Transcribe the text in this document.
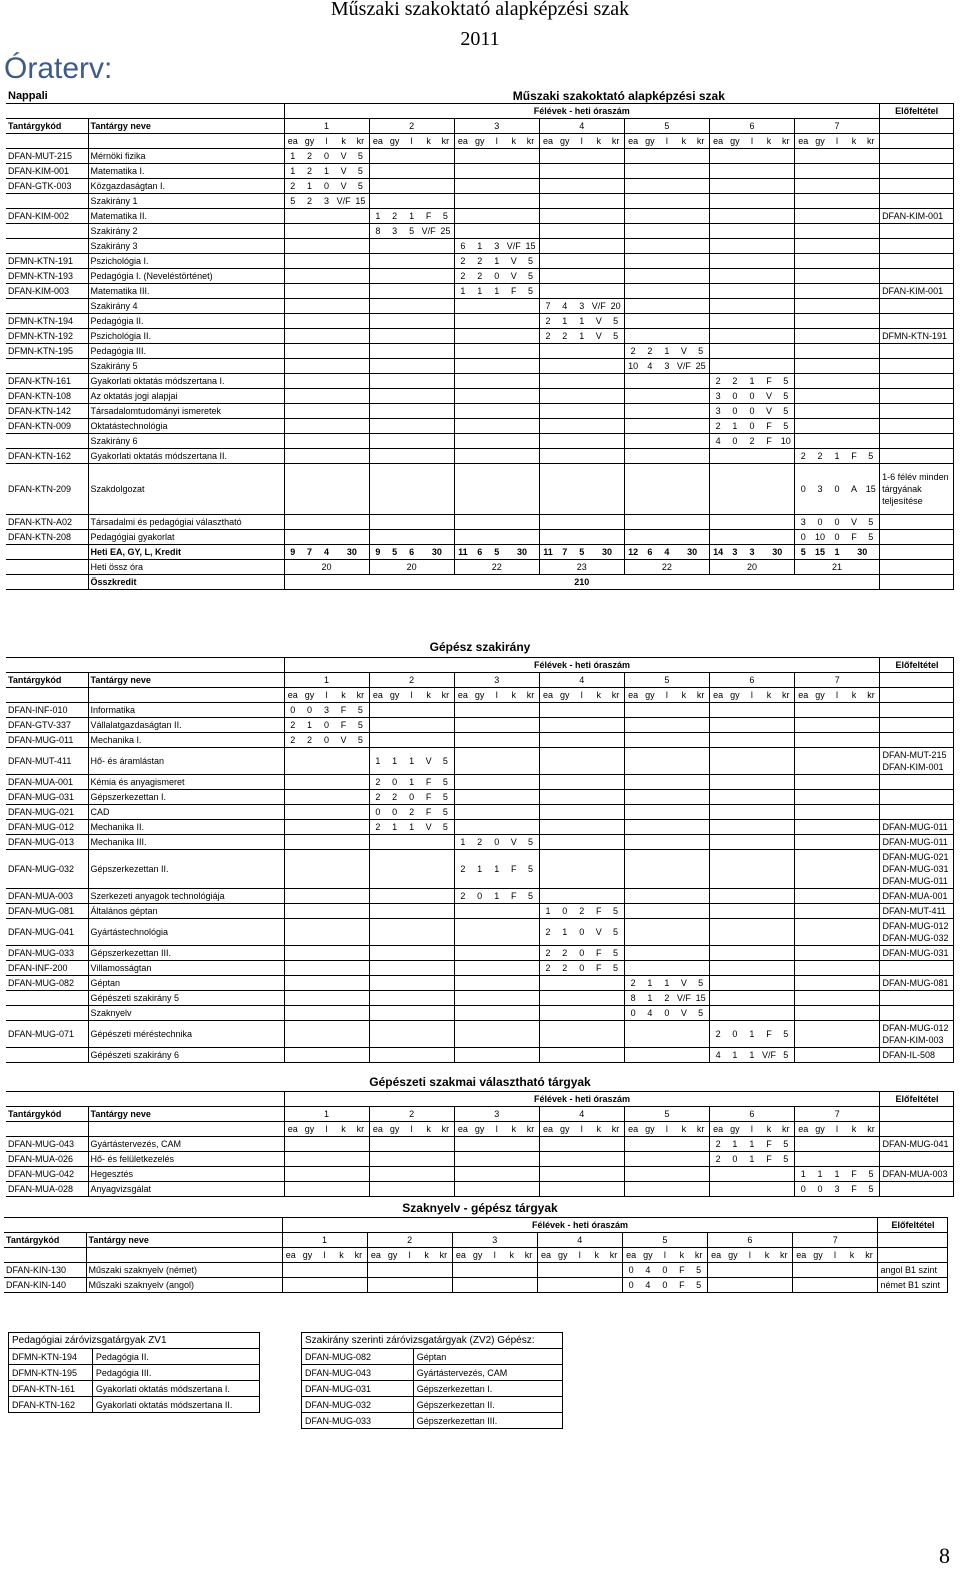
Műszaki szakoktató alapképzési szak
2011
Óraterv:
Nappali		Műszaki szakoktató alapképzési szak																																			
		Félévek - heti óraszám																																			Előfeltétel
Tantárgykód	Tantárgy neve	1					2					3					4					5					6					7					
		ea	gy	l	k	kr	ea	gy	l	k	kr	ea	gy	l	k	kr	ea	gy	l	k	kr	ea	gy	l	k	kr	ea	gy	l	k	kr	ea	gy	l	k	kr	
DFAN-MUT-215	Mérnöki fizika	1	2	0	V	5																															
DFAN-KIM-001	Matematika I.	1	2	1	V	5																															
DFAN-GTK-003	Közgazdaságtan I.	2	1	0	V	5																															
	Szakirány 1	5	2	3	V/F	15																															
DFAN-KIM-002	Matematika II.						1	2	1	F	5																										DFAN-KIM-001
	Szakirány 2						8	3	5	V/F	25																										
	Szakirány 3											6	1	3	V/F	15																					
DFMN-KTN-191	Pszichológia I.											2	2	1	V	5																					
DFMN-KTN-193	Pedagógia I. (Neveléstörténet)											2	2	0	V	5																					
DFAN-KIM-003	Matematika III.											1	1	1	F	5																					DFAN-KIM-001
	Szakirány 4																7	4	3	V/F	20																
DFMN-KTN-194	Pedagógia II.																2	1	1	V	5																
DFMN-KTN-192	Pszichológia II.																2	2	1	V	5																DFMN-KTN-191
DFMN-KTN-195	Pedagógia III.																					2	2	1	V	5											
	Szakirány 5																					10	4	3	V/F	25											
DFAN-KTN-161	Gyakorlati oktatás módszertana I.																										2	2	1	F	5						
DFAN-KTN-108	Az oktatás jogi alapjai																										3	0	0	V	5						
DFAN-KTN-142	Társadalomtudományi ismeretek																										3	0	0	V	5						
DFAN-KTN-009	Oktatástechnológia																										2	1	0	F	5						
	Szakirány 6																										4	0	2	F	10						
DFAN-KTN-162	Gyakorlati oktatás módszertana II.																															2	2	1	F	5	
DFAN-KTN-209	Szakdolgozat																															0	3	0	A	15	1-6 félév minden tárgyának teljesítése
DFAN-KTN-A02	Társadalmi és pedagógiai választható																															3	0	0	V	5	
DFAN-KTN-208	Pedagógiai gyakorlat																															0	10	0	F	5	
	Heti EA, GY, L, Kredit	9	7	4	30		9	5	6	30		11	6	5	30		11	7	5	30		12	6	4	30		14	3	3	30		5	15	1	30		
	Heti össz óra	20					20					22					23					22					20					21					
	Összkredit	210																																			
Gépész szakirány
		Félévek - heti óraszám																																			Előfeltétel
Tantárgykód	Tantárgy neve	1					2					3					4					5					6					7					
		ea	gy	l	k	kr	ea	gy	l	k	kr	ea	gy	l	k	kr	ea	gy	l	k	kr	ea	gy	l	k	kr	ea	gy	l	k	kr	ea	gy	l	k	kr	
DFAN-INF-010	Informatika	0	0	3	F	5																															
DFAN-GTV-337	Vállalatgazdaságtan II.	2	1	0	F	5																															
DFAN-MUG-011	Mechanika I.	2	2	0	V	5																															
DFAN-MUT-411	Hő- és áramlástan						1	1	1	V	5																										DFAN-MUT-215
DFAN-KIM-001

DFAN-MUA-001	Kémia és anyagismeret						2	0	1	F	5																										
DFAN-MUG-031	Gépszerkezettan I.						2	2	0	F	5																										
DFAN-MUG-021	CAD						0	0	2	F	5																										
DFAN-MUG-012	Mechanika II.						2	1	1	V	5																										DFAN-MUG-011

DFAN-MUG-013	Mechanika III.											1	2	0	V	5																					DFAN-MUG-011

DFAN-MUG-032	Gépszerkezettan II.											2	1	1	F	5																					DFAN-MUG-021
DFAN-MUG-031
DFAN-MUG-011

DFAN-MUA-003	Szerkezeti anyagok technológiája											2	0	1	F	5																					DFAN-MUA-001

DFAN-MUG-081	Általános géptan																1	0	2	F	5																DFAN-MUT-411

DFAN-MUG-041	Gyártástechnológia																2	1	0	V	5																DFAN-MUG-012
DFAN-MUG-032

DFAN-MUG-033	Gépszerkezettan III.																2	2	0	F	5																DFAN-MUG-031

DFAN-INF-200	Villamosságtan																2	2	0	F	5																
DFAN-MUG-082	Géptan																					2	1	1	V	5											DFAN-MUG-081

	Gépészeti szakirány 5																					8	1	2	V/F	15											
	Szaknyelv																					0	4	0	V	5											
DFAN-MUG-071	Gépészeti méréstechnika																										2	0	1	F	5						DFAN-MUG-012
DFAN-KIM-003

	Gépészeti szakirány 6																										4	1	1	V/F	5						DFAN-IL-508
Gépészeti szakmai választható tárgyak
		Félévek - heti óraszám																																			Előfeltétel
Tantárgykód	Tantárgy neve	1					2					3					4					5					6					7					
		ea	gy	l	k	kr	ea	gy	l	k	kr	ea	gy	l	k	kr	ea	gy	l	k	kr	ea	gy	l	k	kr	ea	gy	l	k	kr	ea	gy	l	k	kr	
DFAN-MUG-043	Gyártástervezés, CAM																										2	1	1	F	5						DFAN-MUG-041
DFAN-MUA-026	Hő- és felületkezelés																										2	0	1	F	5						
DFAN-MUG-042	Hegesztés																															1	1	1	F	5	DFAN-MUA-003
DFAN-MUA-028	Anyagvizsgálat																															0	0	3	F	5	
Szaknyelv - gépész tárgyak
		Félévek - heti óraszám																																			Előfeltétel
Tantárgykód	Tantárgy neve	1					2					3					4					5					6					7					
		ea	gy	l	k	kr	ea	gy	l	k	kr	ea	gy	l	k	kr	ea	gy	l	k	kr	ea	gy	l	k	kr	ea	gy	l	k	kr	ea	gy	l	k	kr	
DFAN-KIN-130	Műszaki szaknyelv (német)																					0	4	0	F	5											angol B1 szint
DFAN-KIN-140	Műszaki szaknyelv (angol)																					0	4	0	F	5											német B1 szint
Pedagógiai záróvizsgatárgyak ZV1	
DFMN-KTN-194	Pedagógia II.
DFMN-KTN-195	Pedagógia III.
DFAN-KTN-161	Gyakorlati oktatás módszertana I.
DFAN-KTN-162	Gyakorlati oktatás módszertana II.
Szakirány szerinti záróvizsgatárgyak (ZV2) Gépész:	
DFAN-MUG-082	Géptan
DFAN-MUG-043	Gyártástervezés, CAM
DFAN-MUG-031	Gépszerkezettan I.
DFAN-MUG-032	Gépszerkezettan II.
DFAN-MUG-033	Gépszerkezettan III.
8
